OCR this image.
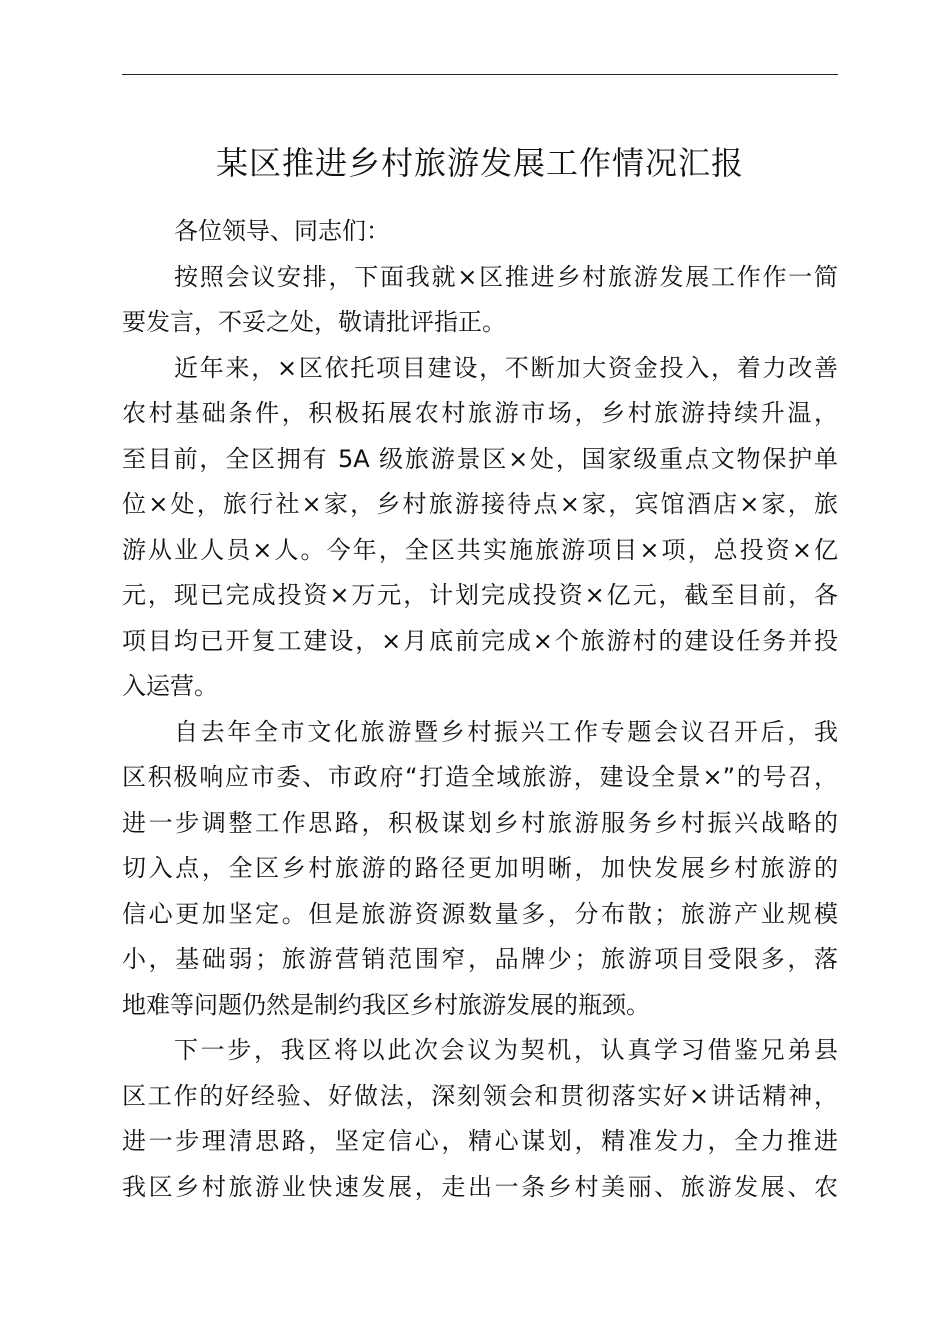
某区推进乡村旅游发展工作情况汇报
各位领导、同志们：
按照会议安排，下面我就×区推进乡村旅游发展工作作一简
要发言，不妥之处，敬请批评指正。
近年来，×区依托项目建设，不断加大资金投入，着力改善
农村基础条件，积极拓展农村旅游市场，乡村旅游持续升温，
至目前，全区拥有 5A 级旅游景区×处，国家级重点文物保护单
位×处，旅行社×家，乡村旅游接待点×家，宾馆酒店×家，旅
游从业人员×人。今年，全区共实施旅游项目×项，总投资×亿
元，现已完成投资×万元，计划完成投资×亿元，截至目前，各
项目均已开复工建设，×月底前完成×个旅游村的建设任务并投
入运营。
自去年全市文化旅游暨乡村振兴工作专题会议召开后，我
区积极响应市委、市政府“打造全域旅游，建设全景×”的号召，
进一步调整工作思路，积极谋划乡村旅游服务乡村振兴战略的
切入点，全区乡村旅游的路径更加明晰，加快发展乡村旅游的
信心更加坚定。但是旅游资源数量多，分布散；旅游产业规模
小，基础弱；旅游营销范围窄，品牌少；旅游项目受限多，落
地难等问题仍然是制约我区乡村旅游发展的瓶颈。
下一步，我区将以此次会议为契机，认真学习借鉴兄弟县
区工作的好经验、好做法，深刻领会和贯彻落实好×讲话精神，
进一步理清思路，坚定信心，精心谋划，精准发力，全力推进
我区乡村旅游业快速发展，走出一条乡村美丽、旅游发展、农
